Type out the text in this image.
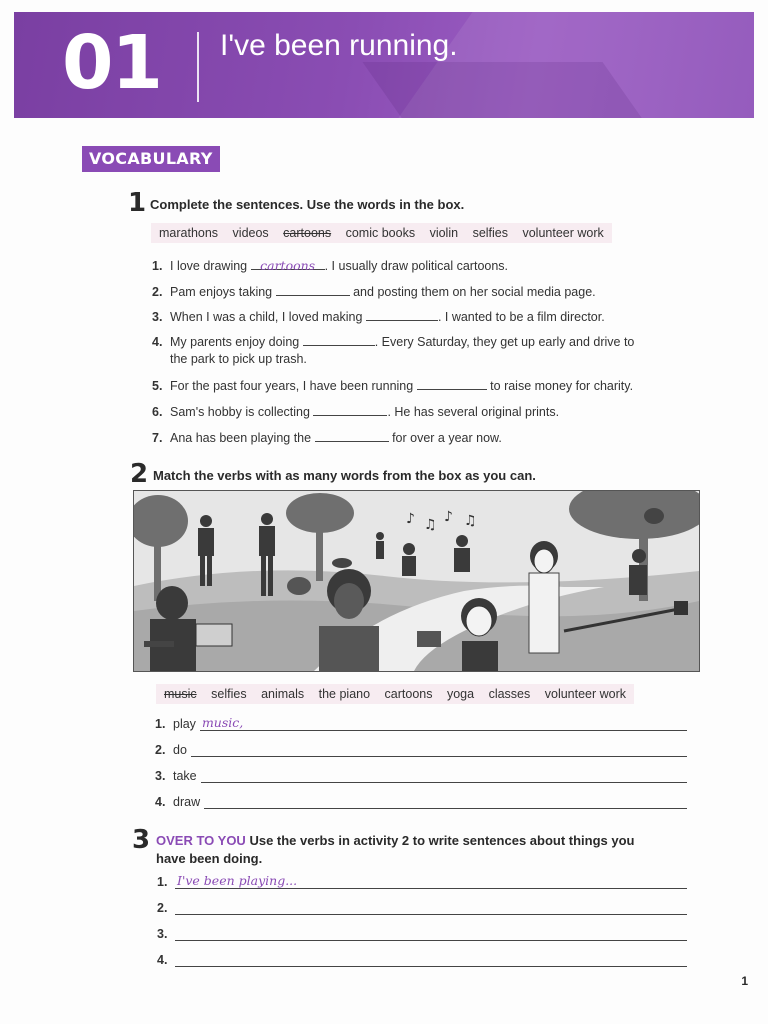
01 I've been running.
VOCABULARY
1 Complete the sentences. Use the words in the box.
marathons videos cartoons comic books violin selfies volunteer work
1. I love drawing cartoons . I usually draw political cartoons.
2. Pam enjoys taking	and posting them on her social media page.
3. When I was a child, I loved making	. I wanted to be a film director.
4. My parents enjoy doing	. Every Saturday, they get up early and drive to
the park to pick up trash.
5. For the past four years, I have been running	to raise money for charity.
6. Sam's hobby is collecting	. He has several original prints.
7. Ana has been playing the	for over a year now.
2 Match the verbs with as many words from the box as you can.
♪ ♫ ♪ ♫
music selfies animals the piano cartoons yoga classes volunteer work
1. play music,
2. do
3. take
4. draw
3 OVER TO YOU Use the verbs in activity 2 to write sentences about things you
have been doing.
1. I've been playing...
2.
3.
4.
1
